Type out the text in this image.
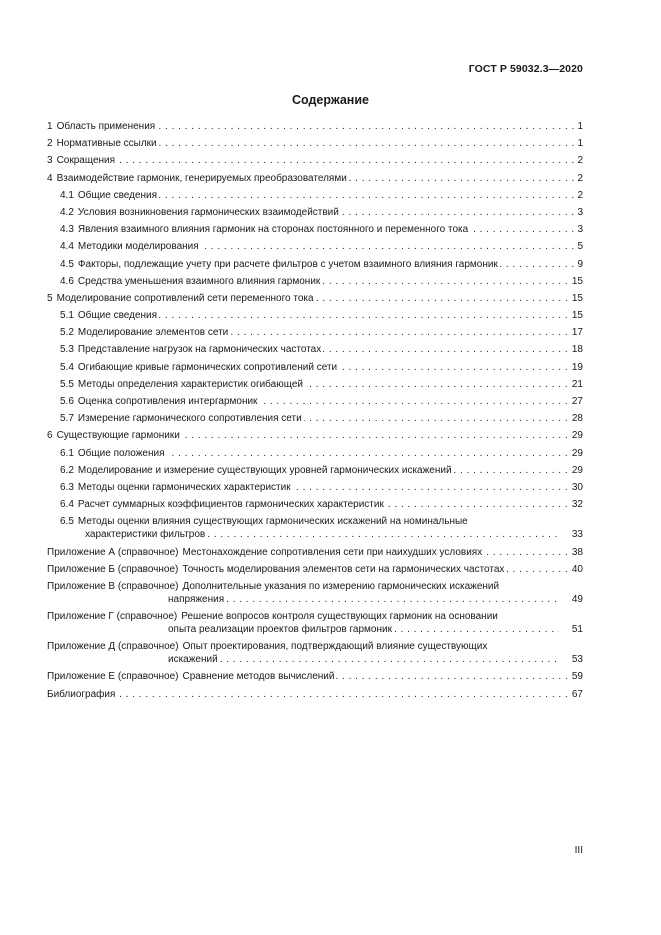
ГОСТ Р 59032.3—2020
Содержание
1 Область применения	1
. . .
2 Нормативные ссылки	1
. . .
3 Сокращения	2
. . .
4 Взаимодействие гармоник, генерируемых преобразователями	2
. . .
4.1 Общие сведения	2
. . .
4.2 Условия возникновения гармонических взаимодействий	3
. . .
4.3 Явления взаимного влияния гармоник на сторонах постоянного и переменного тока	3
. . .
4.4 Методики моделирования	5
. . .
4.5 Факторы, подлежащие учету при расчете фильтров с учетом взаимного влияния гармоник	9
. . .
4.6 Средства уменьшения взаимного влияния гармоник	15
. . .
5 Моделирование сопротивлений сети переменного тока	15
. . .
5.1 Общие сведения	15
. . .
5.2 Моделирование элементов сети	17
. . .
5.3 Представление нагрузок на гармонических частотах	18
. . .
5.4 Огибающие кривые гармонических сопротивлений сети	19
. . .
5.5 Методы определения характеристик огибающей	21
. . .
5.6 Оценка сопротивления интергармоник	27
. . .
5.7 Измерение гармонического сопротивления сети	28
. . .
6 Существующие гармоники	29
. . .
6.1 Общие положения	29
. . .
6.2 Моделирование и измерение существующих уровней гармонических искажений	29
. . .
6.3 Методы оценки гармонических характеристик	30
. . .
6.4 Расчет суммарных коэффициентов гармонических характеристик	32
. . .
6.5 Методы оценки влияния существующих гармонических искажений на номинальные
характеристики фильтров . . .	33
Приложение А (справочное) Местонахождение сопротивления сети при наихудших условиях	38
. . .
Приложение Б (справочное) Точность моделирования элементов сети на гармонических частотах	40
. . .
Приложение В (справочное) Дополнительные указания по измерению гармонических искажений
напряжения . . .	49
Приложение Г (справочное) Решение вопросов контроля существующих гармоник на основании
опыта реализации проектов фильтров гармоник . . .	51
Приложение Д (справочное) Опыт проектирования, подтверждающий влияние существующих
искажений . . .	53
Приложение Е (справочное) Сравнение методов вычислений	59
. . .
Библиография	67
. . .
III
